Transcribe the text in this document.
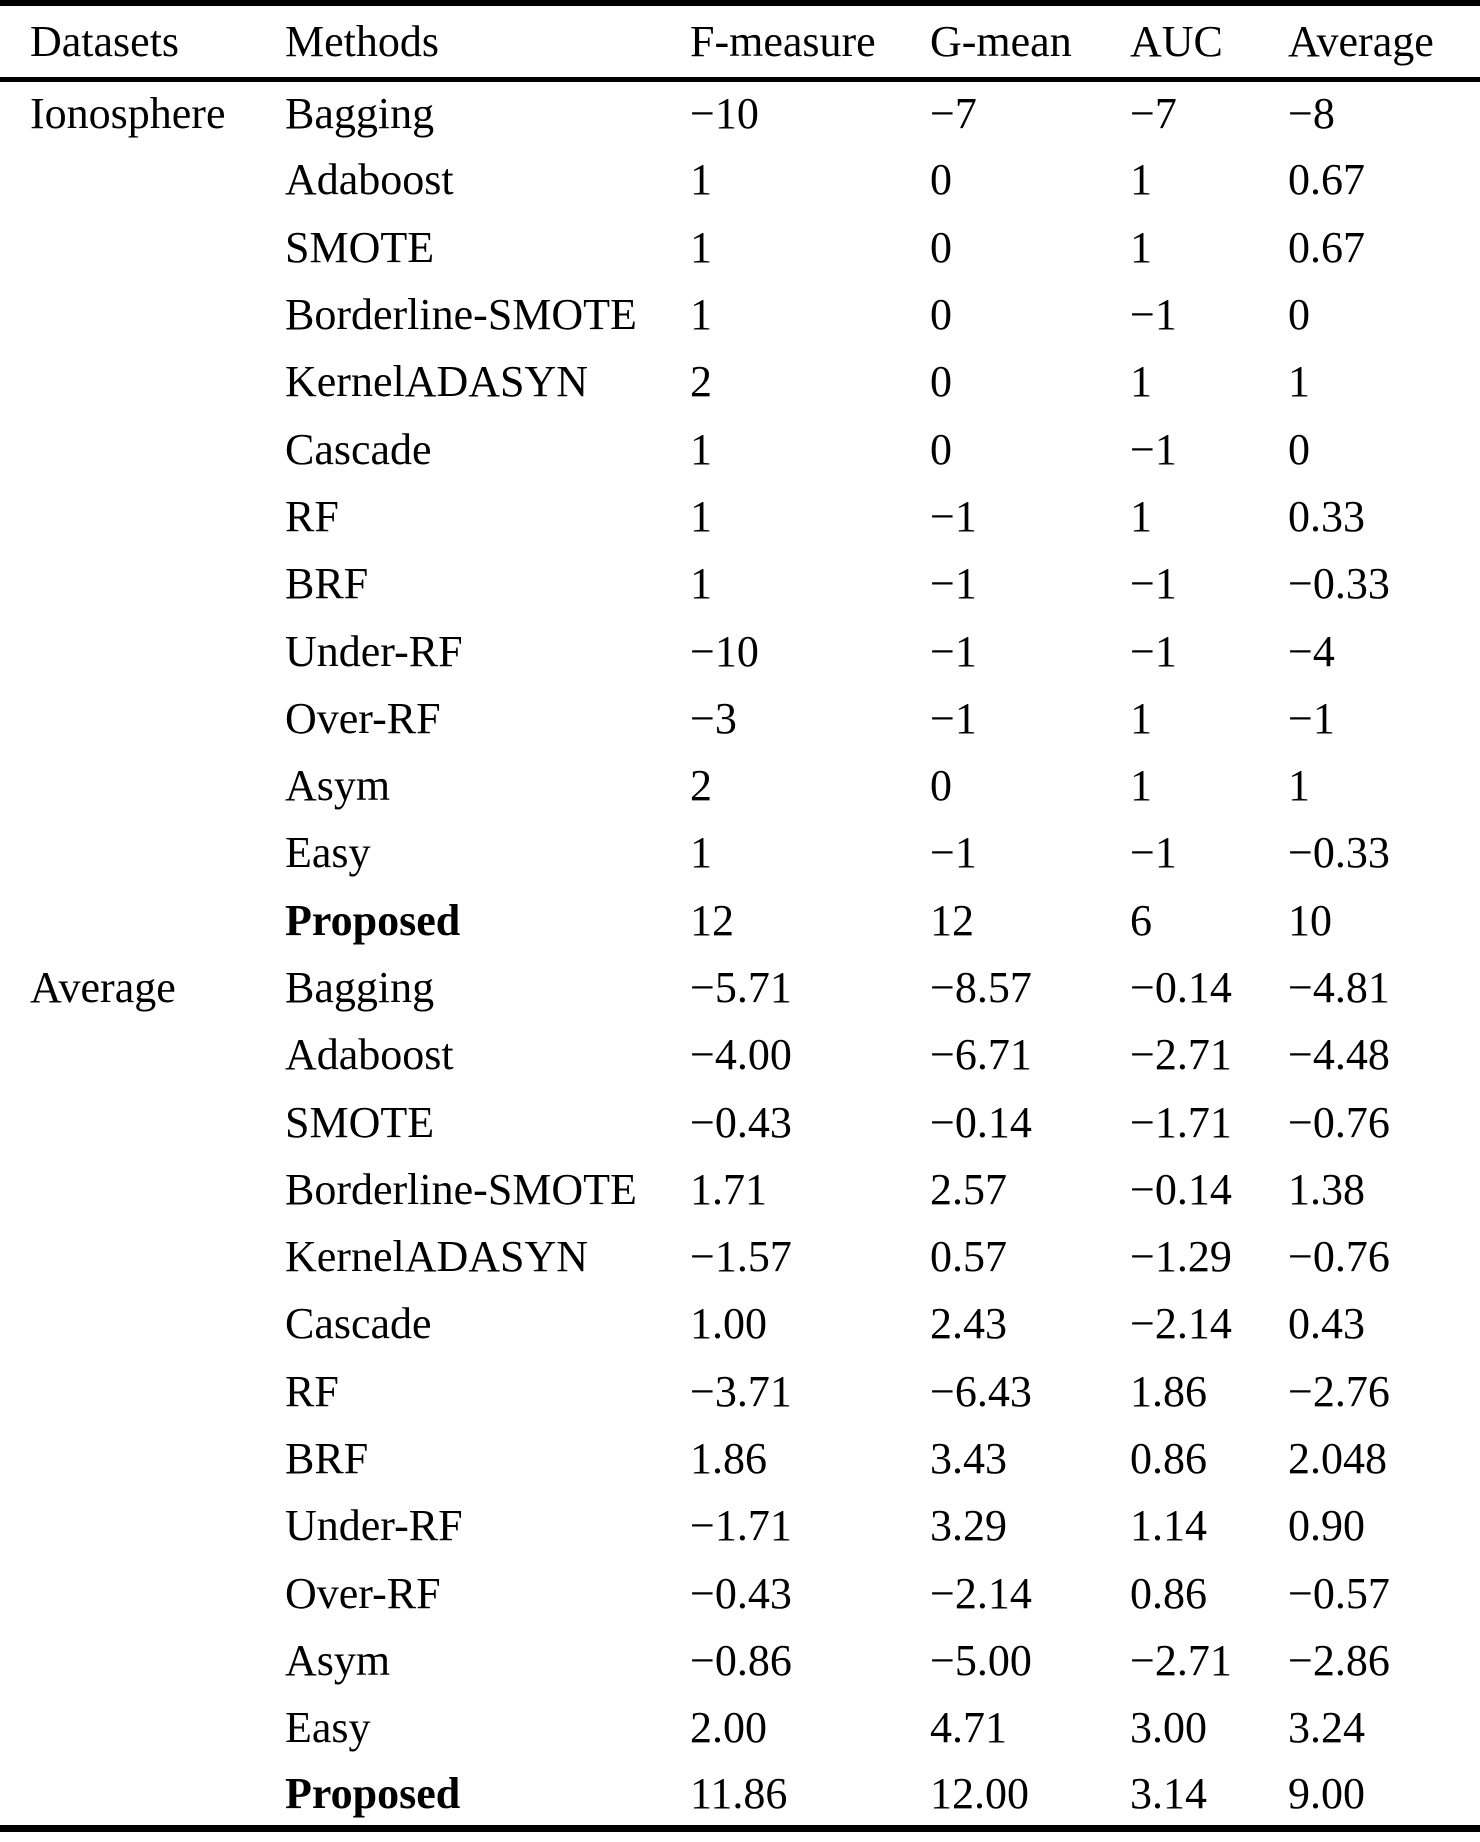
Datasets	Methods	F-measure	G-mean	AUC	Average
Ionosphere	Bagging	−10	−7	−7	−8
	Adaboost	1	0	1	0.67
	SMOTE	1	0	1	0.67
	Borderline-SMOTE	1	0	−1	0
	KernelADASYN	2	0	1	1
	Cascade	1	0	−1	0
	RF	1	−1	1	0.33
	BRF	1	−1	−1	−0.33
	Under-RF	−10	−1	−1	−4
	Over-RF	−3	−1	1	−1
	Asym	2	0	1	1
	Easy	1	−1	−1	−0.33
	Proposed	12	12	6	10
Average	Bagging	−5.71	−8.57	−0.14	−4.81
	Adaboost	−4.00	−6.71	−2.71	−4.48
	SMOTE	−0.43	−0.14	−1.71	−0.76
	Borderline-SMOTE	1.71	2.57	−0.14	1.38
	KernelADASYN	−1.57	0.57	−1.29	−0.76
	Cascade	1.00	2.43	−2.14	0.43
	RF	−3.71	−6.43	1.86	−2.76
	BRF	1.86	3.43	0.86	2.048
	Under-RF	−1.71	3.29	1.14	0.90
	Over-RF	−0.43	−2.14	0.86	−0.57
	Asym	−0.86	−5.00	−2.71	−2.86
	Easy	2.00	4.71	3.00	3.24
	Proposed	11.86	12.00	3.14	9.00
